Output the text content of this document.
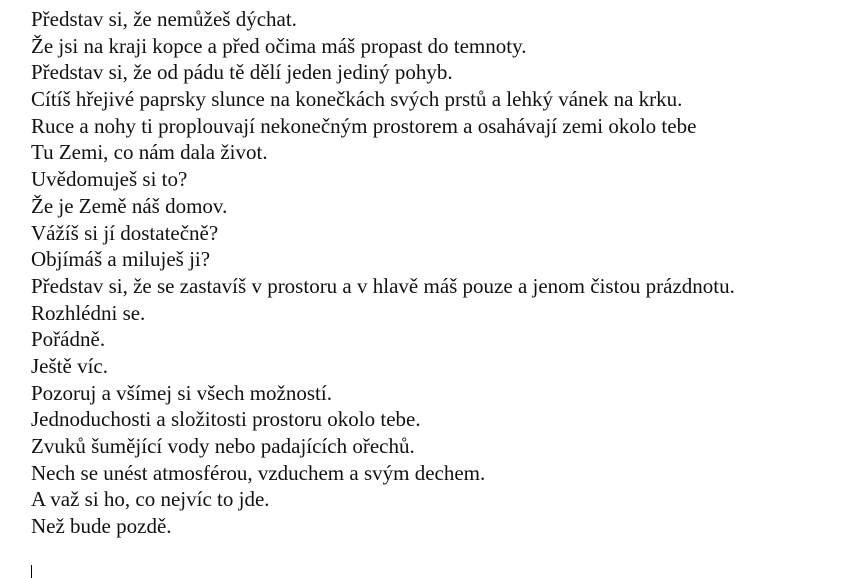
Představ si, že nemůžeš dýchat.
Že jsi na kraji kopce a před očima máš propast do temnoty.
Představ si, že od pádu tě dělí jeden jediný pohyb.
Cítíš hřejivé paprsky slunce na konečkách svých prstů a lehký vánek na krku.
Ruce a nohy ti proplouvají nekonečným prostorem a osahávají zemi okolo tebe
Tu Zemi, co nám dala život.
Uvědomuješ si to?
Že je Země náš domov.
Vážíš si jí dostatečně?
Objímáš a miluješ ji?
Představ si, že se zastavíš v prostoru a v hlavě máš pouze a jenom čistou prázdnotu.
Rozhlédni se.
Pořádně.
Ještě víc.
Pozoruj a všímej si všech možností.
Jednoduchosti a složitosti prostoru okolo tebe.
Zvuků šumějící vody nebo padajících ořechů.
Nech se unést atmosférou, vzduchem a svým dechem.
A važ si ho, co nejvíc to jde.
Než bude pozdě.
